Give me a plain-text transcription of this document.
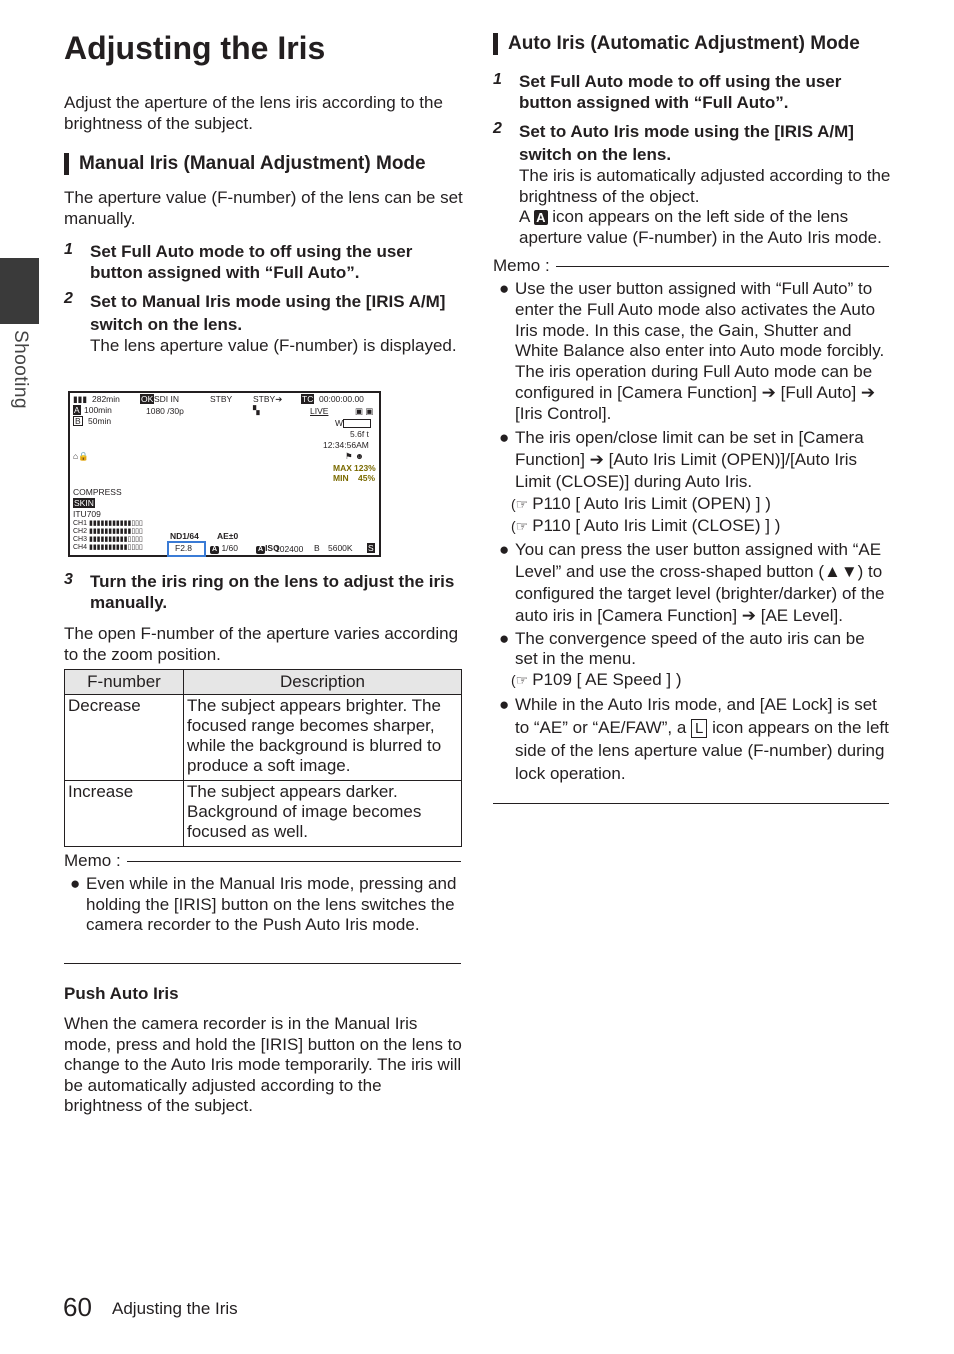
Shooting
Adjusting the Iris

Adjust the aperture of the lens iris according to the brightness of the subject.

Manual Iris (Manual Adjustment) Mode

The aperture value (F-number) of the lens can be set manually.

1 Set Full Auto mode to off using the user button assigned with “Full Auto”.
2 Set to Manual Iris mode using the [IRIS A/M] switch on the lens.
The lens aperture value (F-number) is displayed.
▮▮▮ 282min
A 100min
B 50min
OK SDI IN
1080 /30p
STBY STBY➔
▚
TC 00:00:00.00
LIVE	▣ ▣
W
5.6f t
12:34:56AM
⚑ ☻
⌂🔒
MAX 123%
MIN 45%
COMPRESS
SKIN
ITU709
CH1 ▮▮▮▮▮▮▮▮▮▮▮▯▯▯
CH2 ▮▮▮▮▮▮▮▮▮▮▮▯▯▯
CH3 ▮▮▮▮▮▮▮▮▮▮▯▯▯▯
CH4 ▮▮▮▮▮▮▮▮▮▮▯▯▯▯
ND1/64
F2.8
AE±0
A 1/60	A ISO
102400 B 5600K S
3 Turn the iris ring on the lens to adjust the iris manually.

The open F-number of the aperture varies according to the zoom position.

F-number	Description
Decrease	The subject appears brighter. The focused range becomes sharper, while the background is blurred to produce a soft image.
Increase	The subject appears darker. Background of image becomes focused as well.
Memo :
● Even while in the Manual Iris mode, pressing and holding the [IRIS] button on the lens switches the camera recorder to the Push Auto Iris mode.
Push Auto Iris

When the camera recorder is in the Manual Iris mode, press and hold the [IRIS] button on the lens to change to the Auto Iris mode temporarily. The iris will be automatically adjusted according to the brightness of the subject.

Auto Iris (Automatic Adjustment) Mode
1 Set Full Auto mode to off using the user button assigned with “Full Auto”.
2 Set to Auto Iris mode using the [IRIS A/M] switch on the lens.
The iris is automatically adjusted according to the brightness of the object.
A A icon appears on the left side of the lens aperture value (F-number) in the Auto Iris mode.
Memo :
● Use the user button assigned with “Full Auto” to enter the Full Auto mode also activates the Auto Iris mode. In this case, the Gain, Shutter and White Balance also enter into Auto mode forcibly.
The iris operation during Full Auto mode can be configured in [Camera Function] ➔ [Full Auto] ➔ [Iris Control].
● The iris open/close limit can be set in [Camera Function] ➔ [Auto Iris Limit (OPEN)]/[Auto Iris Limit (CLOSE)] during Auto Iris.
(☞ P110 [ Auto Iris Limit (OPEN) ] )
(☞ P110 [ Auto Iris Limit (CLOSE) ] )
● You can press the user button assigned with “AE Level” and use the cross-shaped button (▲▼) to configured the target level (brighter/darker) of the auto iris in [Camera Function] ➔ [AE Level].
● The convergence speed of the auto iris can be set in the menu.
(☞ P109 [ AE Speed ] )
● While in the Auto Iris mode, and [AE Lock] is set to “AE” or “AE/FAW”, a L icon appears on the left side of the lens aperture value (F-number) during lock operation.
60 Adjusting the Iris
